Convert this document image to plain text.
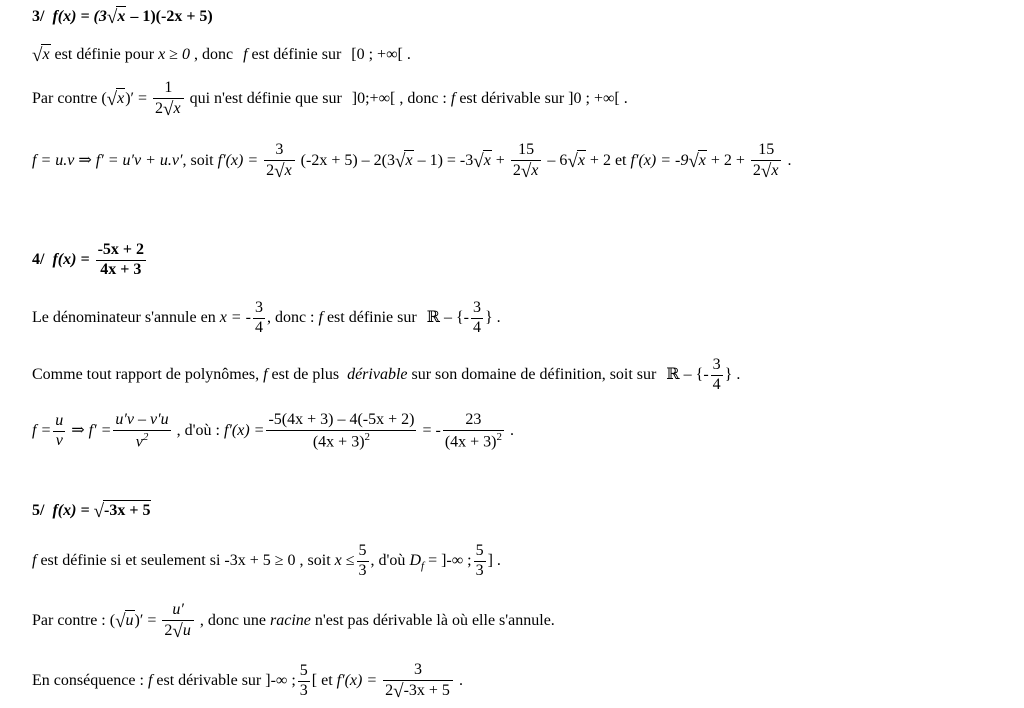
3/ f(x) = (3√x – 1)(-2x + 5)
√x est définie pour x ≥ 0 , donc f est définie sur [0 ; +∞[ .
Par contre $(√x)' = \frac{1}{2√x}$ qui n'est définie que sur ]0;+∞[ , donc : f est dérivable sur ]0 ; +∞[ .
f = u.v ⇒ f′ = u′v + u.v′, soit $f'(x) = \frac{3}{2√x} (-2x + 5) - 2(3√x - 1) = -3√x + \frac{15}{2√x} - 6√x + 2$ et $f'(x) = -9√x + 2 + \frac{15}{2√x}$ .
4/ $f(x) = \frac{-5x + 2}{4x + 3}$
Le dénominateur s'annule en x = - $\frac{3}{4}$ , donc : f est définie sur ℝ – {- $\frac{3}{4}$ } .
Comme tout rapport de polynômes, f est de plus  dérivable sur son domaine de définition, soit sur ℝ – {- $\frac{3}{4}$ } .
$f = \frac{u}{v}$ ⇒ $f' = \frac{u'v - v'u}{v^2}$ , d'où : $f'(x) = \frac{-5(4x + 3) - 4(-5x + 2)}{(4x + 3)^2}$ = - $\frac{23}{(4x + 3)^2}$ .
5/ f(x) = √-3x + 5
f est définie si et seulement si -3x + 5 ≥ 0 , soit $x \le \frac{5}{3}$ , d'où $D_f$ = ]-∞ ; $\frac{5}{3}$ ] .
Par contre : $(√u)' = \frac{u'}{2√u}$ , donc une racine n'est pas dérivable là où elle s'annule.
En conséquence : f est dérivable sur ]-∞ ; $\frac{5}{3}$ [ et $f'(x) = \frac{3}{2√-3x + 5}$ .
